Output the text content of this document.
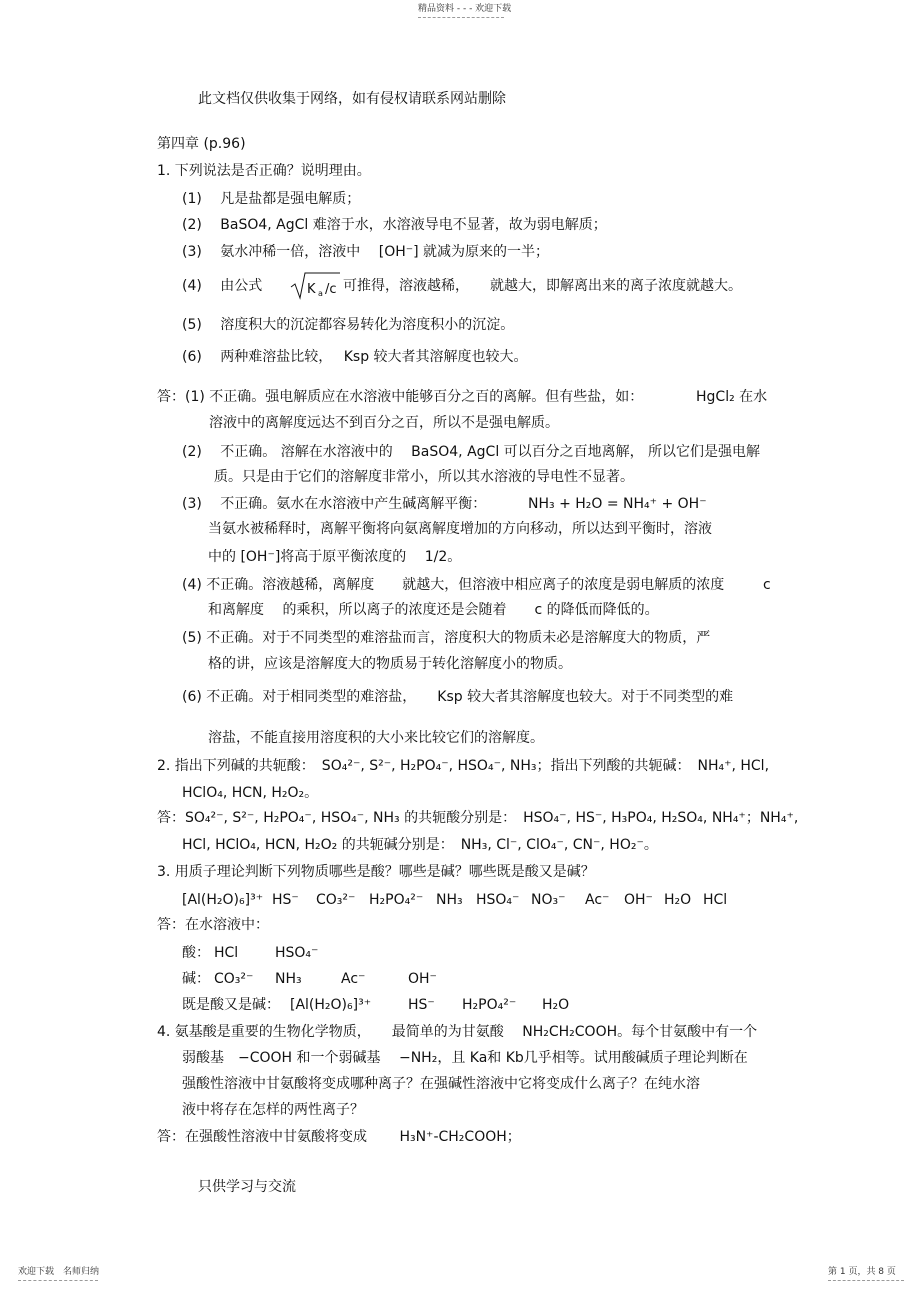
精品资料 - - - 欢迎下载
此文档仅供收集于网络，如有侵权请联系网站删除
第四章 (p.96)
1. 下列说法是否正确？说明理由。
(1)　 凡是盐都是强电解质；
(2)　 BaSO4, AgCl 难溶于水，水溶液导电不显著，故为弱电解质；
(3)　 氨水冲稀一倍，溶液中　 [OH⁻] 就减为原来的一半；
(4)　 由公式	K a /c 可推得，溶液越稀，　　就越大，即解离出来的离子浓度就越大。
(5)　 溶度积大的沉淀都容易转化为溶度积小的沉淀。
(6)　 两种难溶盐比较，　 Ksp 较大者其溶解度也较大。
答：(1) 不正确。强电解质应在水溶液中能够百分之百的离解。但有些盐，如：	HgCl₂ 在水
溶液中的离解度远达不到百分之百，所以不是强电解质。
(2)　 不正确。 溶解在水溶液中的　 BaSO4, AgCl 可以百分之百地离解， 所以它们是强电解
质。只是由于它们的溶解度非常小，所以其水溶液的导电性不显著。
(3)　 不正确。氨水在水溶液中产生碱离解平衡：	NH₃ + H₂O = NH₄⁺ + OH⁻
当氨水被稀释时，离解平衡将向氨离解度增加的方向移动，所以达到平衡时，溶液
中的 [OH⁻]将高于原平衡浓度的　 1/2。
(4) 不正确。溶液越稀，离解度　　就越大，但溶液中相应离子的浓度是弱电解质的浓度	c
和离解度　 的乘积，所以离子的浓度还是会随着　　c 的降低而降低的。
(5) 不正确。对于不同类型的难溶盐而言，溶度积大的物质未必是溶解度大的物质，严
格的讲，应该是溶解度大的物质易于转化溶解度小的物质。
(6) 不正确。对于相同类型的难溶盐，　　Ksp 较大者其溶解度也较大。对于不同类型的难
溶盐，不能直接用溶度积的大小来比较它们的溶解度。
2. 指出下列碱的共轭酸：　SO₄²⁻, S²⁻, H₂PO₄⁻, HSO₄⁻, NH₃；指出下列酸的共轭碱：　NH₄⁺, HCl,
HClO₄, HCN, H₂O₂。
答：SO₄²⁻, S²⁻, H₂PO₄⁻, HSO₄⁻, NH₃ 的共轭酸分别是：　HSO₄⁻, HS⁻, H₃PO₄, H₂SO₄, NH₄⁺；NH₄⁺,
HCl, HClO₄, HCN, H₂O₂ 的共轭碱分别是：　NH₃, Cl⁻, ClO₄⁻, CN⁻, HO₂⁻。
3. 用质子理论判断下列物质哪些是酸？哪些是碱？哪些既是酸又是碱？
[Al(H₂O)₆]³⁺ HS⁻ CO₃²⁻ H₂PO₄²⁻ NH₃ HSO₄⁻ NO₃⁻ Ac⁻ OH⁻ H₂O HCl
答：在水溶液中：
酸： HCl	HSO₄⁻
碱： CO₃²⁻ NH₃	Ac⁻	OH⁻
既是酸又是碱： [Al(H₂O)₆]³⁺	HS⁻ H₂PO₄²⁻ H₂O
4. 氨基酸是重要的生物化学物质，　　最简单的为甘氨酸　 NH₂CH₂COOH。每个甘氨酸中有一个
弱酸基　−COOH 和一个弱碱基　 −NH₂，且 Ka和 Kb几乎相等。试用酸碱质子理论判断在
强酸性溶液中甘氨酸将变成哪种离子？在强碱性溶液中它将变成什么离子？在纯水溶
液中将存在怎样的两性离子？
答：在强酸性溶液中甘氨酸将变成　　 H₃N⁺-CH₂COOH；
只供学习与交流
欢迎下载　名师归纳	第 1 页，共 8 页
